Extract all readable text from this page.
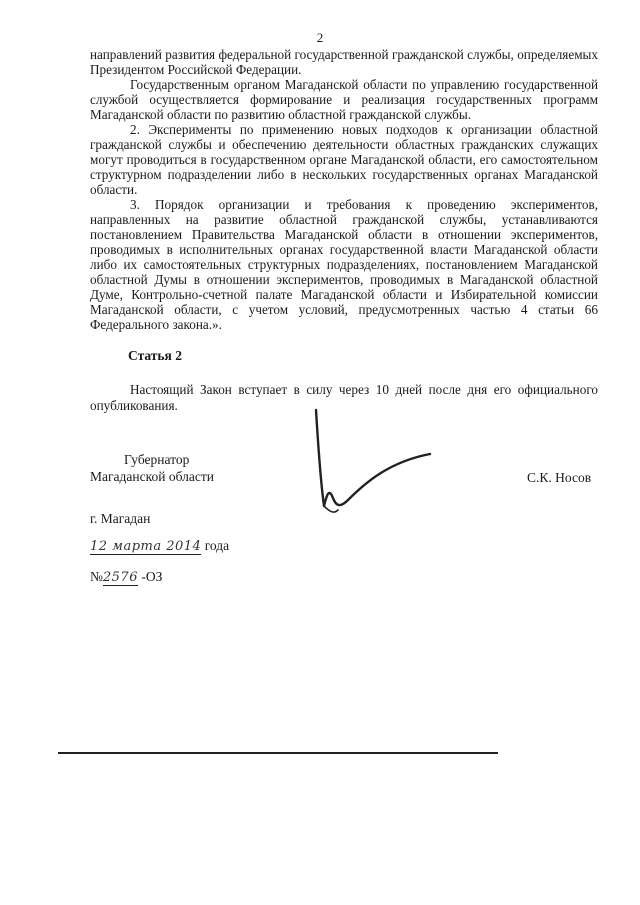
2

направлений развития федеральной государственной гражданской службы, определяемых Президентом Российской Федерации.

Государственным органом Магаданской области по управлению государственной службой осуществляется формирование и реализация государственных программ Магаданской области по развитию областной гражданской службы.

2. Эксперименты по применению новых подходов к организации областной гражданской службы и обеспечению деятельности областных гражданских служащих могут проводиться в государственном органе Магаданской области, его самостоятельном структурном подразделении либо в нескольких государственных органах Магаданской области.

3. Порядок организации и требования к проведению экспериментов, направленных на развитие областной гражданской службы, устанавливаются постановлением Правительства Магаданской области в отношении экспериментов, проводимых в исполнительных органах государственной власти Магаданской области либо их самостоятельных структурных подразделениях, постановлением Магаданской областной Думы в отношении экспериментов, проводимых в Магаданской областной Думе, Контрольно-счетной палате Магаданской области и Избирательной комиссии Магаданской области, с учетом условий, предусмотренных частью 4 статьи 66 Федерального закона.».

Статья 2

Настоящий Закон вступает в силу через 10 дней после дня его официального опубликования.

Губернатор
Магаданской области	С.К. Носов
г. Магадан
12 марта 2014 года
№2576 -ОЗ
